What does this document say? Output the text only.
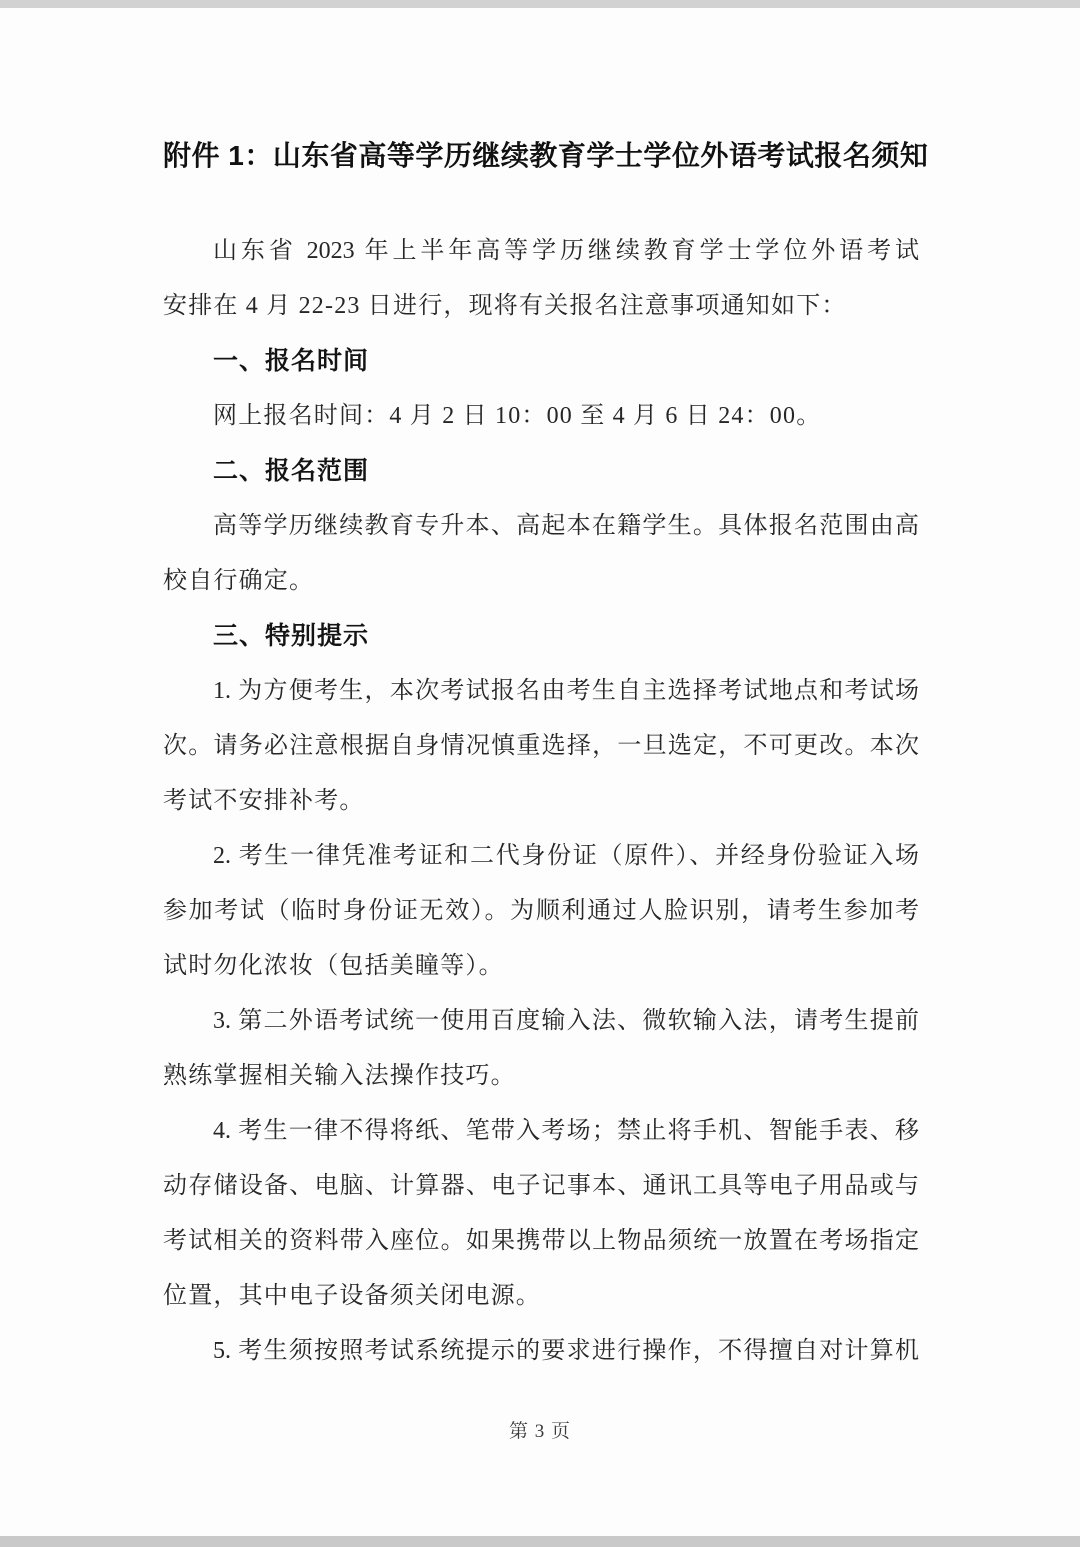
附件 1：山东省高等学历继续教育学士学位外语考试报名须知
山东省 2023 年上半年高等学历继续教育学士学位外语考试
安排在 4 月 22-23 日进行，现将有关报名注意事项通知如下：
一、报名时间
网上报名时间：4 月 2 日 10：00 至 4 月 6 日 24：00。
二、报名范围
高等学历继续教育专升本、高起本在籍学生。具体报名范围由高
校自行确定。
三、特别提示
1. 为方便考生，本次考试报名由考生自主选择考试地点和考试场
次。请务必注意根据自身情况慎重选择，一旦选定，不可更改。本次
考试不安排补考。
2. 考生一律凭准考证和二代身份证（原件）、并经身份验证入场
参加考试（临时身份证无效）。为顺利通过人脸识别，请考生参加考
试时勿化浓妆（包括美瞳等）。
3. 第二外语考试统一使用百度输入法、微软输入法，请考生提前
熟练掌握相关输入法操作技巧。
4. 考生一律不得将纸、笔带入考场；禁止将手机、智能手表、移
动存储设备、电脑、计算器、电子记事本、通讯工具等电子用品或与
考试相关的资料带入座位。如果携带以上物品须统一放置在考场指定
位置，其中电子设备须关闭电源。
5. 考生须按照考试系统提示的要求进行操作，不得擅自对计算机
第 3 页
